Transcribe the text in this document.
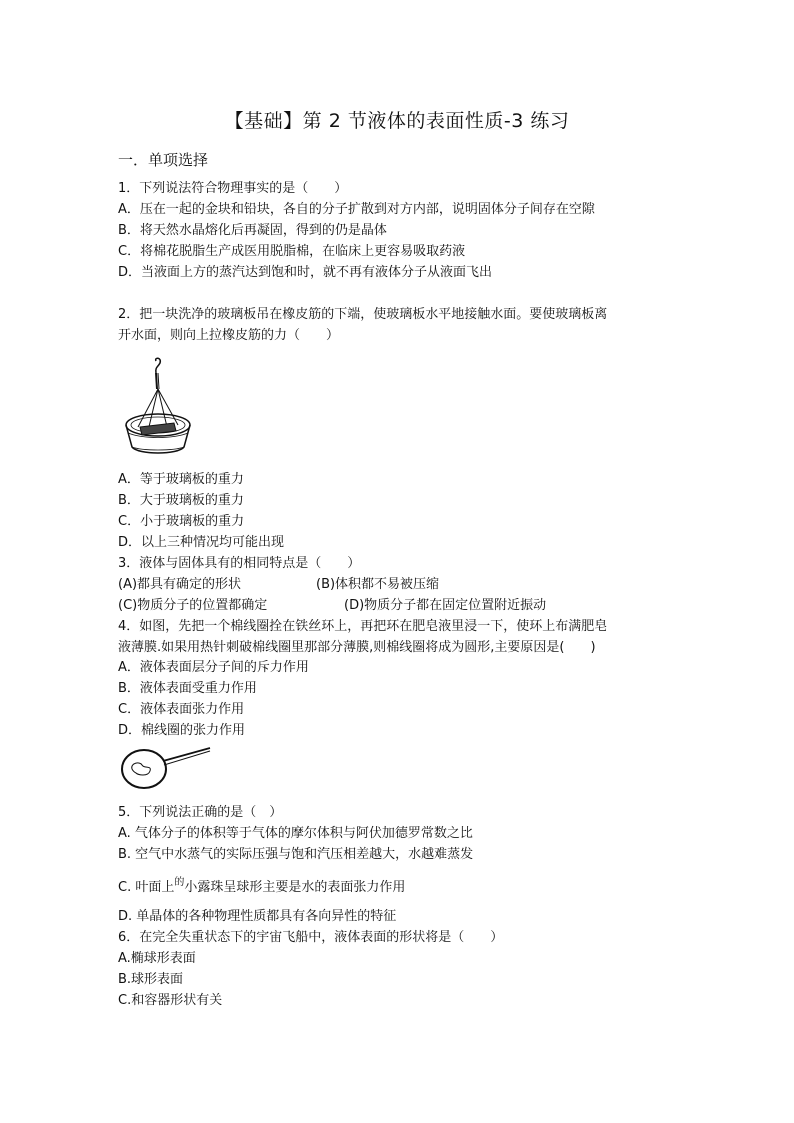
【基础】第 2 节液体的表面性质-3 练习
一．单项选择
1．下列说法符合物理事实的是（　　）
A．压在一起的金块和铅块，各自的分子扩散到对方内部，说明固体分子间存在空隙
B．将天然水晶熔化后再凝固，得到的仍是晶体
C．将棉花脱脂生产成医用脱脂棉，在临床上更容易吸取药液
D．当液面上方的蒸汽达到饱和时，就不再有液体分子从液面飞出
2．把一块洗净的玻璃板吊在橡皮筋的下端，使玻璃板水平地接触水面。要使玻璃板离
开水面，则向上拉橡皮筋的力（　　）
A．等于玻璃板的重力
B．大于玻璃板的重力
C．小于玻璃板的重力
D．以上三种情况均可能出现
3．液体与固体具有的相同特点是（　　）
(A)都具有确定的形状	(B)体积都不易被压缩
(C)物质分子的位置都确定	(D)物质分子都在固定位置附近振动
4．如图，先把一个棉线圈拴在铁丝环上，再把环在肥皂液里浸一下，使环上布满肥皂
液薄膜.如果用热针刺破棉线圈里那部分薄膜,则棉线圈将成为圆形,主要原因是(　　)
A．液体表面层分子间的斥力作用
B．液体表面受重力作用
C．液体表面张力作用
D．棉线圈的张力作用
5．下列说法正确的是（　）
A. 气体分子的体积等于气体的摩尔体积与阿伏加德罗常数之比
B. 空气中水蒸气的实际压强与饱和汽压相差越大，水越难蒸发
C. 叶面上$^的$小露珠呈球形主要是水的表面张力作用
D. 单晶体的各种物理性质都具有各向异性的特征
6．在完全失重状态下的宇宙飞船中，液体表面的形状将是（　　）
A.椭球形表面
B.球形表面
C.和容器形状有关
